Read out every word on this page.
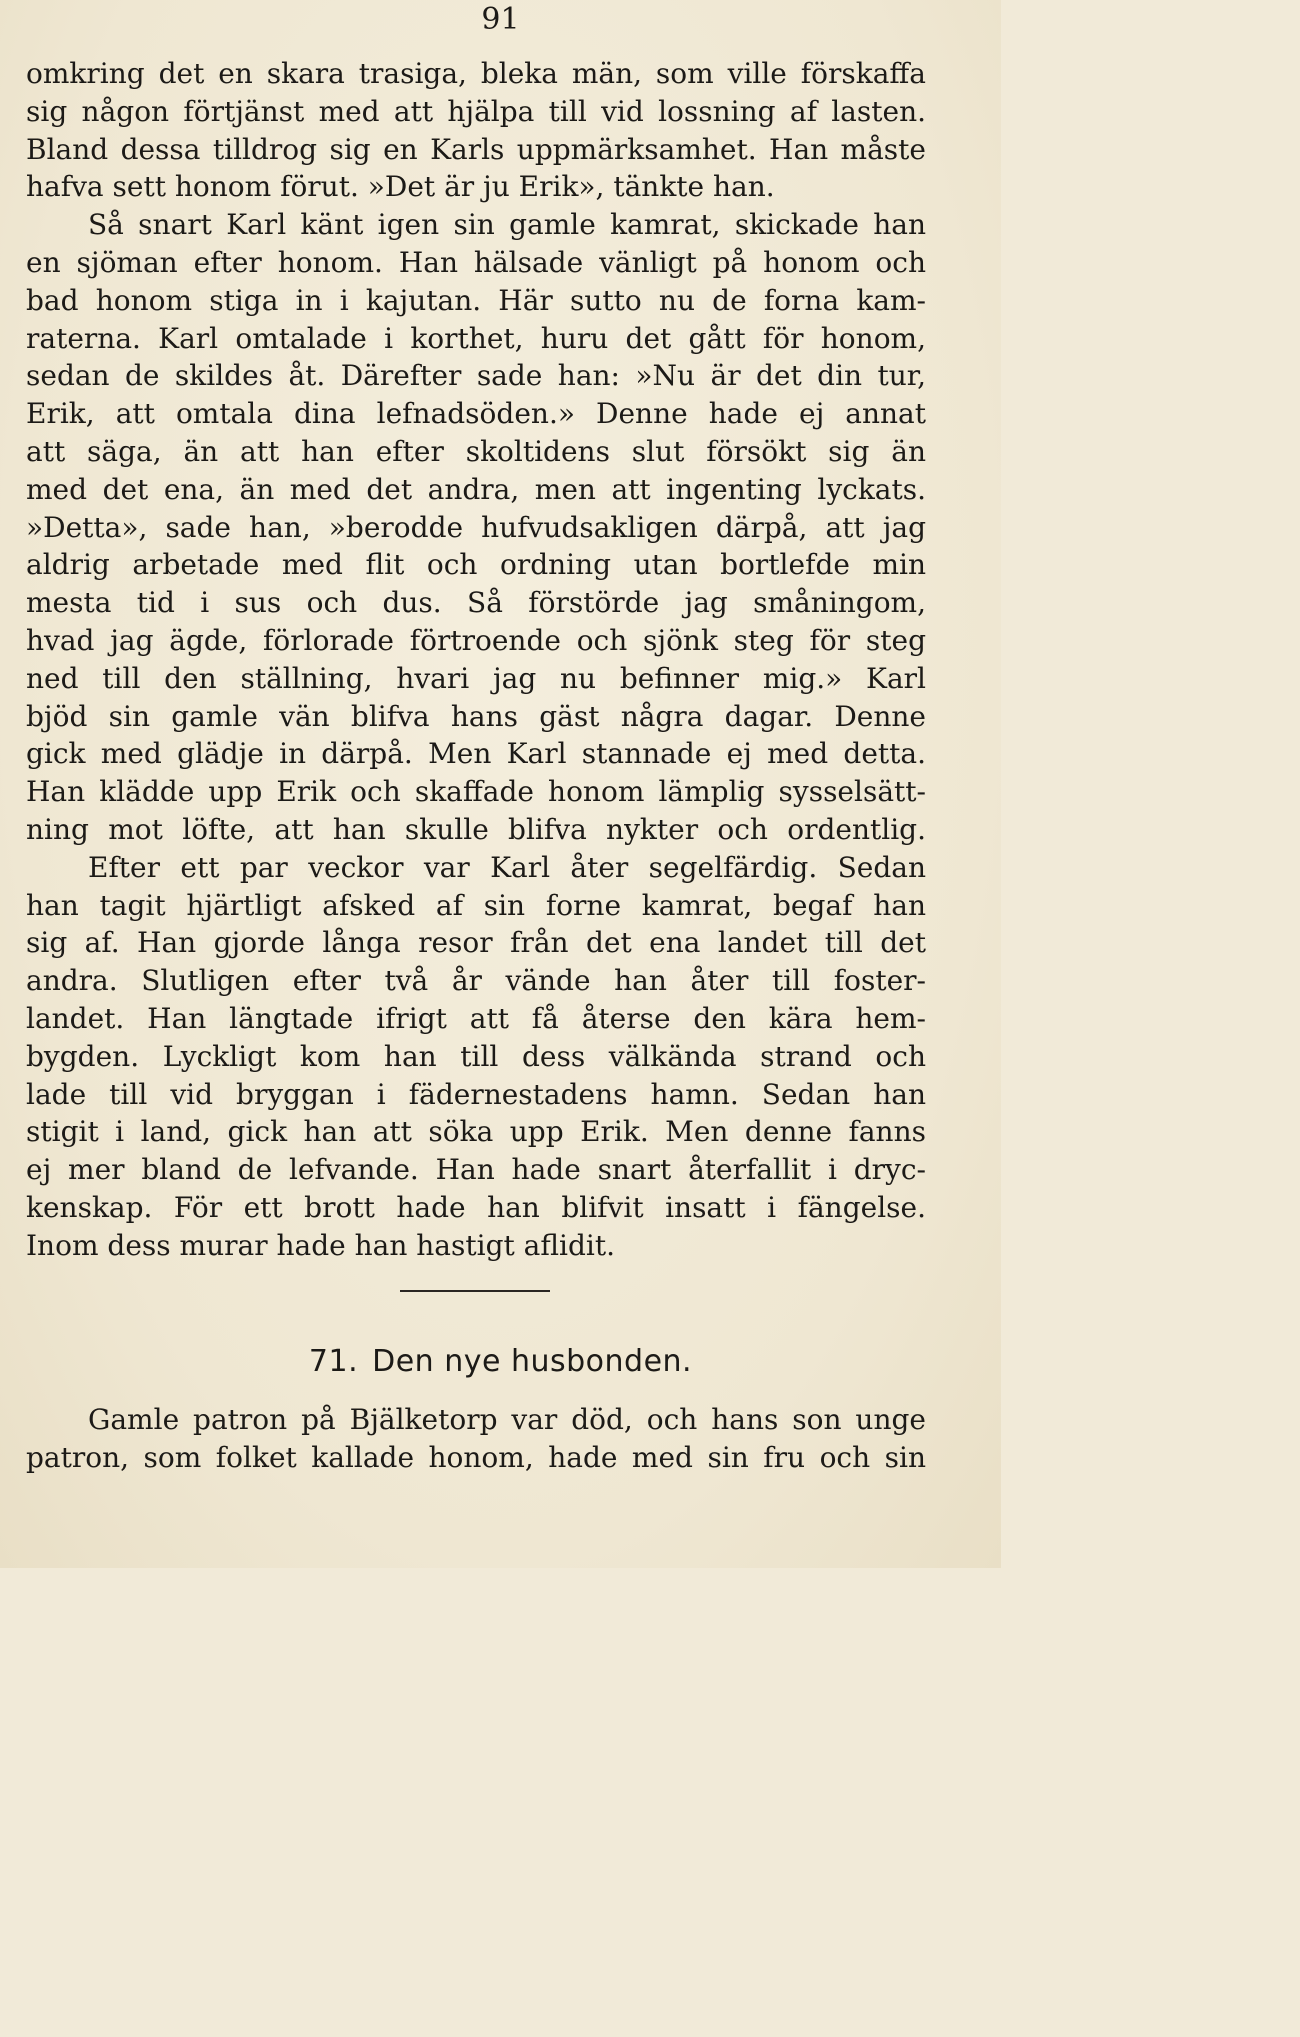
91
omkring det en skara trasiga, bleka män, som ville förskaffa
sig någon förtjänst med att hjälpa till vid lossning af lasten.
Bland dessa tilldrog sig en Karls uppmärksamhet. Han måste
hafva sett honom förut. »Det är ju Erik», tänkte han.
Så snart Karl känt igen sin gamle kamrat, skickade han
en sjöman efter honom. Han hälsade vänligt på honom och
bad honom stiga in i kajutan. Här sutto nu de forna kam-
raterna. Karl omtalade i korthet, huru det gått för honom,
sedan de skildes åt. Därefter sade han: »Nu är det din tur,
Erik, att omtala dina lefnadsöden.» Denne hade ej annat
att säga, än att han efter skoltidens slut försökt sig än
med det ena, än med det andra, men att ingenting lyckats.
»Detta», sade han, »berodde hufvudsakligen därpå, att jag
aldrig arbetade med flit och ordning utan bortlefde min
mesta tid i sus och dus. Så förstörde jag småningom,
hvad jag ägde, förlorade förtroende och sjönk steg för steg
ned till den ställning, hvari jag nu befinner mig.» Karl
bjöd sin gamle vän blifva hans gäst några dagar. Denne
gick med glädje in därpå. Men Karl stannade ej med detta.
Han klädde upp Erik och skaffade honom lämplig sysselsätt-
ning mot löfte, att han skulle blifva nykter och ordentlig.
Efter ett par veckor var Karl åter segelfärdig. Sedan
han tagit hjärtligt afsked af sin forne kamrat, begaf han
sig af. Han gjorde långa resor från det ena landet till det
andra. Slutligen efter två år vände han åter till foster-
landet. Han längtade ifrigt att få återse den kära hem-
bygden. Lyckligt kom han till dess välkända strand och
lade till vid bryggan i fädernestadens hamn. Sedan han
stigit i land, gick han att söka upp Erik. Men denne fanns
ej mer bland de lefvande. Han hade snart återfallit i dryc-
kenskap. För ett brott hade han blifvit insatt i fängelse.
Inom dess murar hade han hastigt aflidit.
71. Den nye husbonden.
Gamle patron på Bjälketorp var död, och hans son unge
patron, som folket kallade honom, hade med sin fru och sin
